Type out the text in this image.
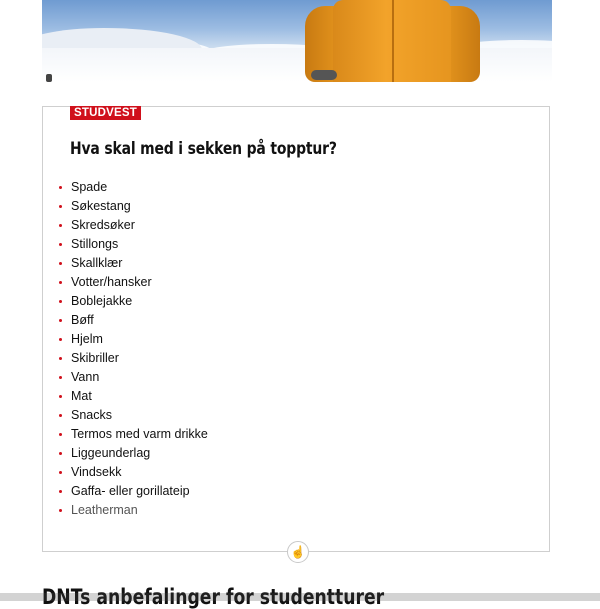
STUDVEST
Hva skal med i sekken på topptur?
Spade
Søkestang
Skredsøker
Stillongs
Skallklær
Votter/hansker
Boblejakke
Bøff
Hjelm
Skibriller
Vann
Mat
Snacks
Termos med varm drikke
Liggeunderlag
Vindsekk
Gaffa- eller gorillateip
Leatherman
☝
DNTs anbefalinger for studentturer
